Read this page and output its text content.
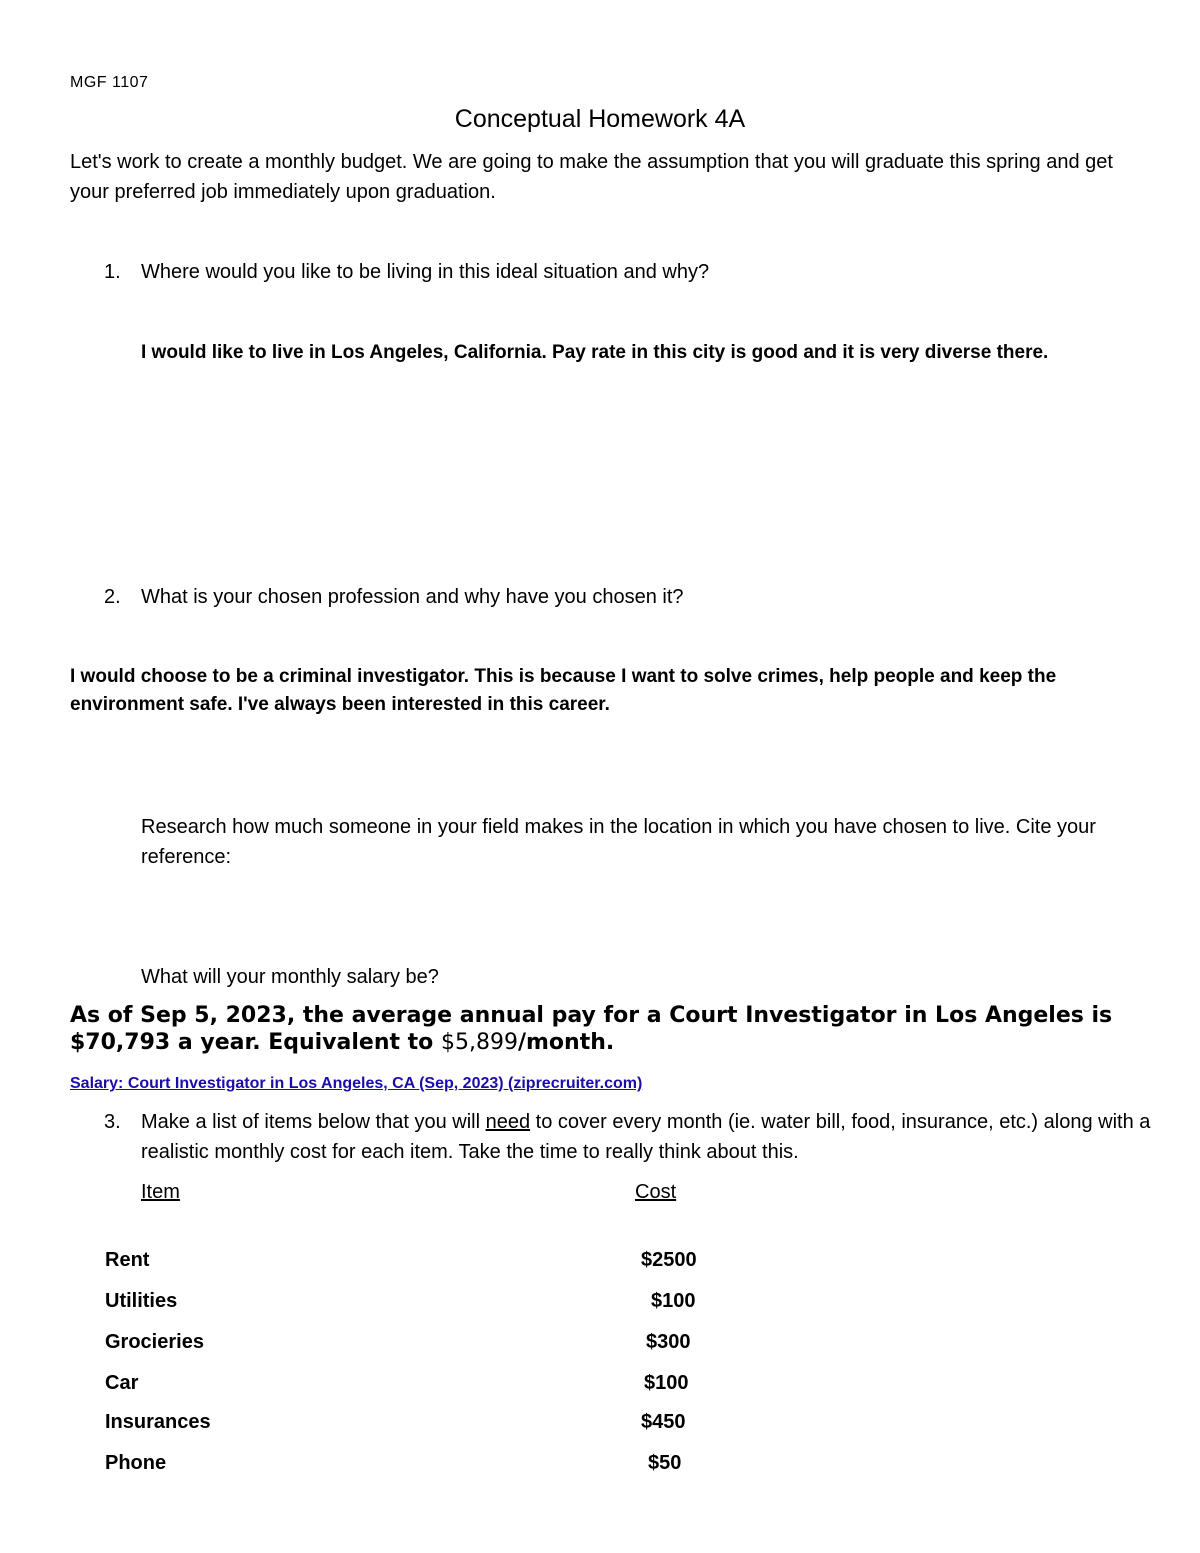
MGF 1107
Conceptual Homework 4A
Let's work to create a monthly budget. We are going to make the assumption that you will graduate this spring and get your preferred job immediately upon graduation.
1. Where would you like to be living in this ideal situation and why?
I would like to live in Los Angeles, California. Pay rate in this city is good and it is very diverse there.
2. What is your chosen profession and why have you chosen it?
I would choose to be a criminal investigator. This is because I want to solve crimes, help people and keep the environment safe. I've always been interested in this career.
Research how much someone in your field makes in the location in which you have chosen to live. Cite your reference:
What will your monthly salary be?
As of Sep 5, 2023, the average annual pay for a Court Investigator in Los Angeles is $70,793 a year. Equivalent to $5,899/month.
Salary: Court Investigator in Los Angeles, CA (Sep, 2023) (ziprecruiter.com)
3. Make a list of items below that you will need to cover every month (ie. water bill, food, insurance, etc.) along with a realistic monthly cost for each item. Take the time to really think about this.
Item	Cost
Rent	$2500
Utilities	$100
Grocieries	$300
Car	$100
Insurances	$450
Phone	$50
